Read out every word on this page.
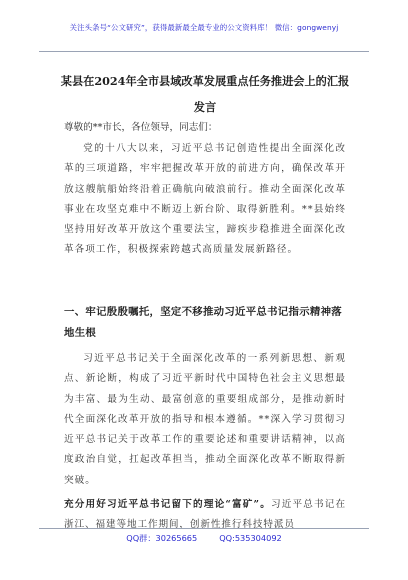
关注头条号“公文研究”，获得最新最全最专业的公文资料库！ 微信：gongwenyj
某县在2024年全市县域改革发展重点任务推进会上的汇报发言
尊敬的**市长，各位领导，同志们：
党的十八大以来，习近平总书记创造性提出全面深化改革的三项道路，牢牢把握改革开放的前进方向，确保改革开放这艘航船始终沿着正确航向破浪前行。推动全面深化改革事业在攻坚克难中不断迈上新台阶、取得新胜利。**县始终坚持用好改革开放这个重要法宝，蹄疾步稳推进全面深化改革各项工作，积极探索跨越式高质量发展新路径。
一、牢记殷殷嘱托，坚定不移推动习近平总书记指示精神落地生根
习近平总书记关于全面深化改革的一系列新思想、新观点、新论断，构成了习近平新时代中国特色社会主义思想最为丰富、最为生动、最富创意的重要组成部分，是推动新时代全面深化改革开放的指导和根本遵循。**深入学习贯彻习近平总书记关于改革工作的重要论述和重要讲话精神，以高度政治自觉，扛起改革担当，推动全面深化改革不断取得新突破。
充分用好习近平总书记留下的理论“富矿”。习近平总书记在浙江、福建等地工作期间，创新性推行科技特派员
QQ群：30265665	QQ:535304092
